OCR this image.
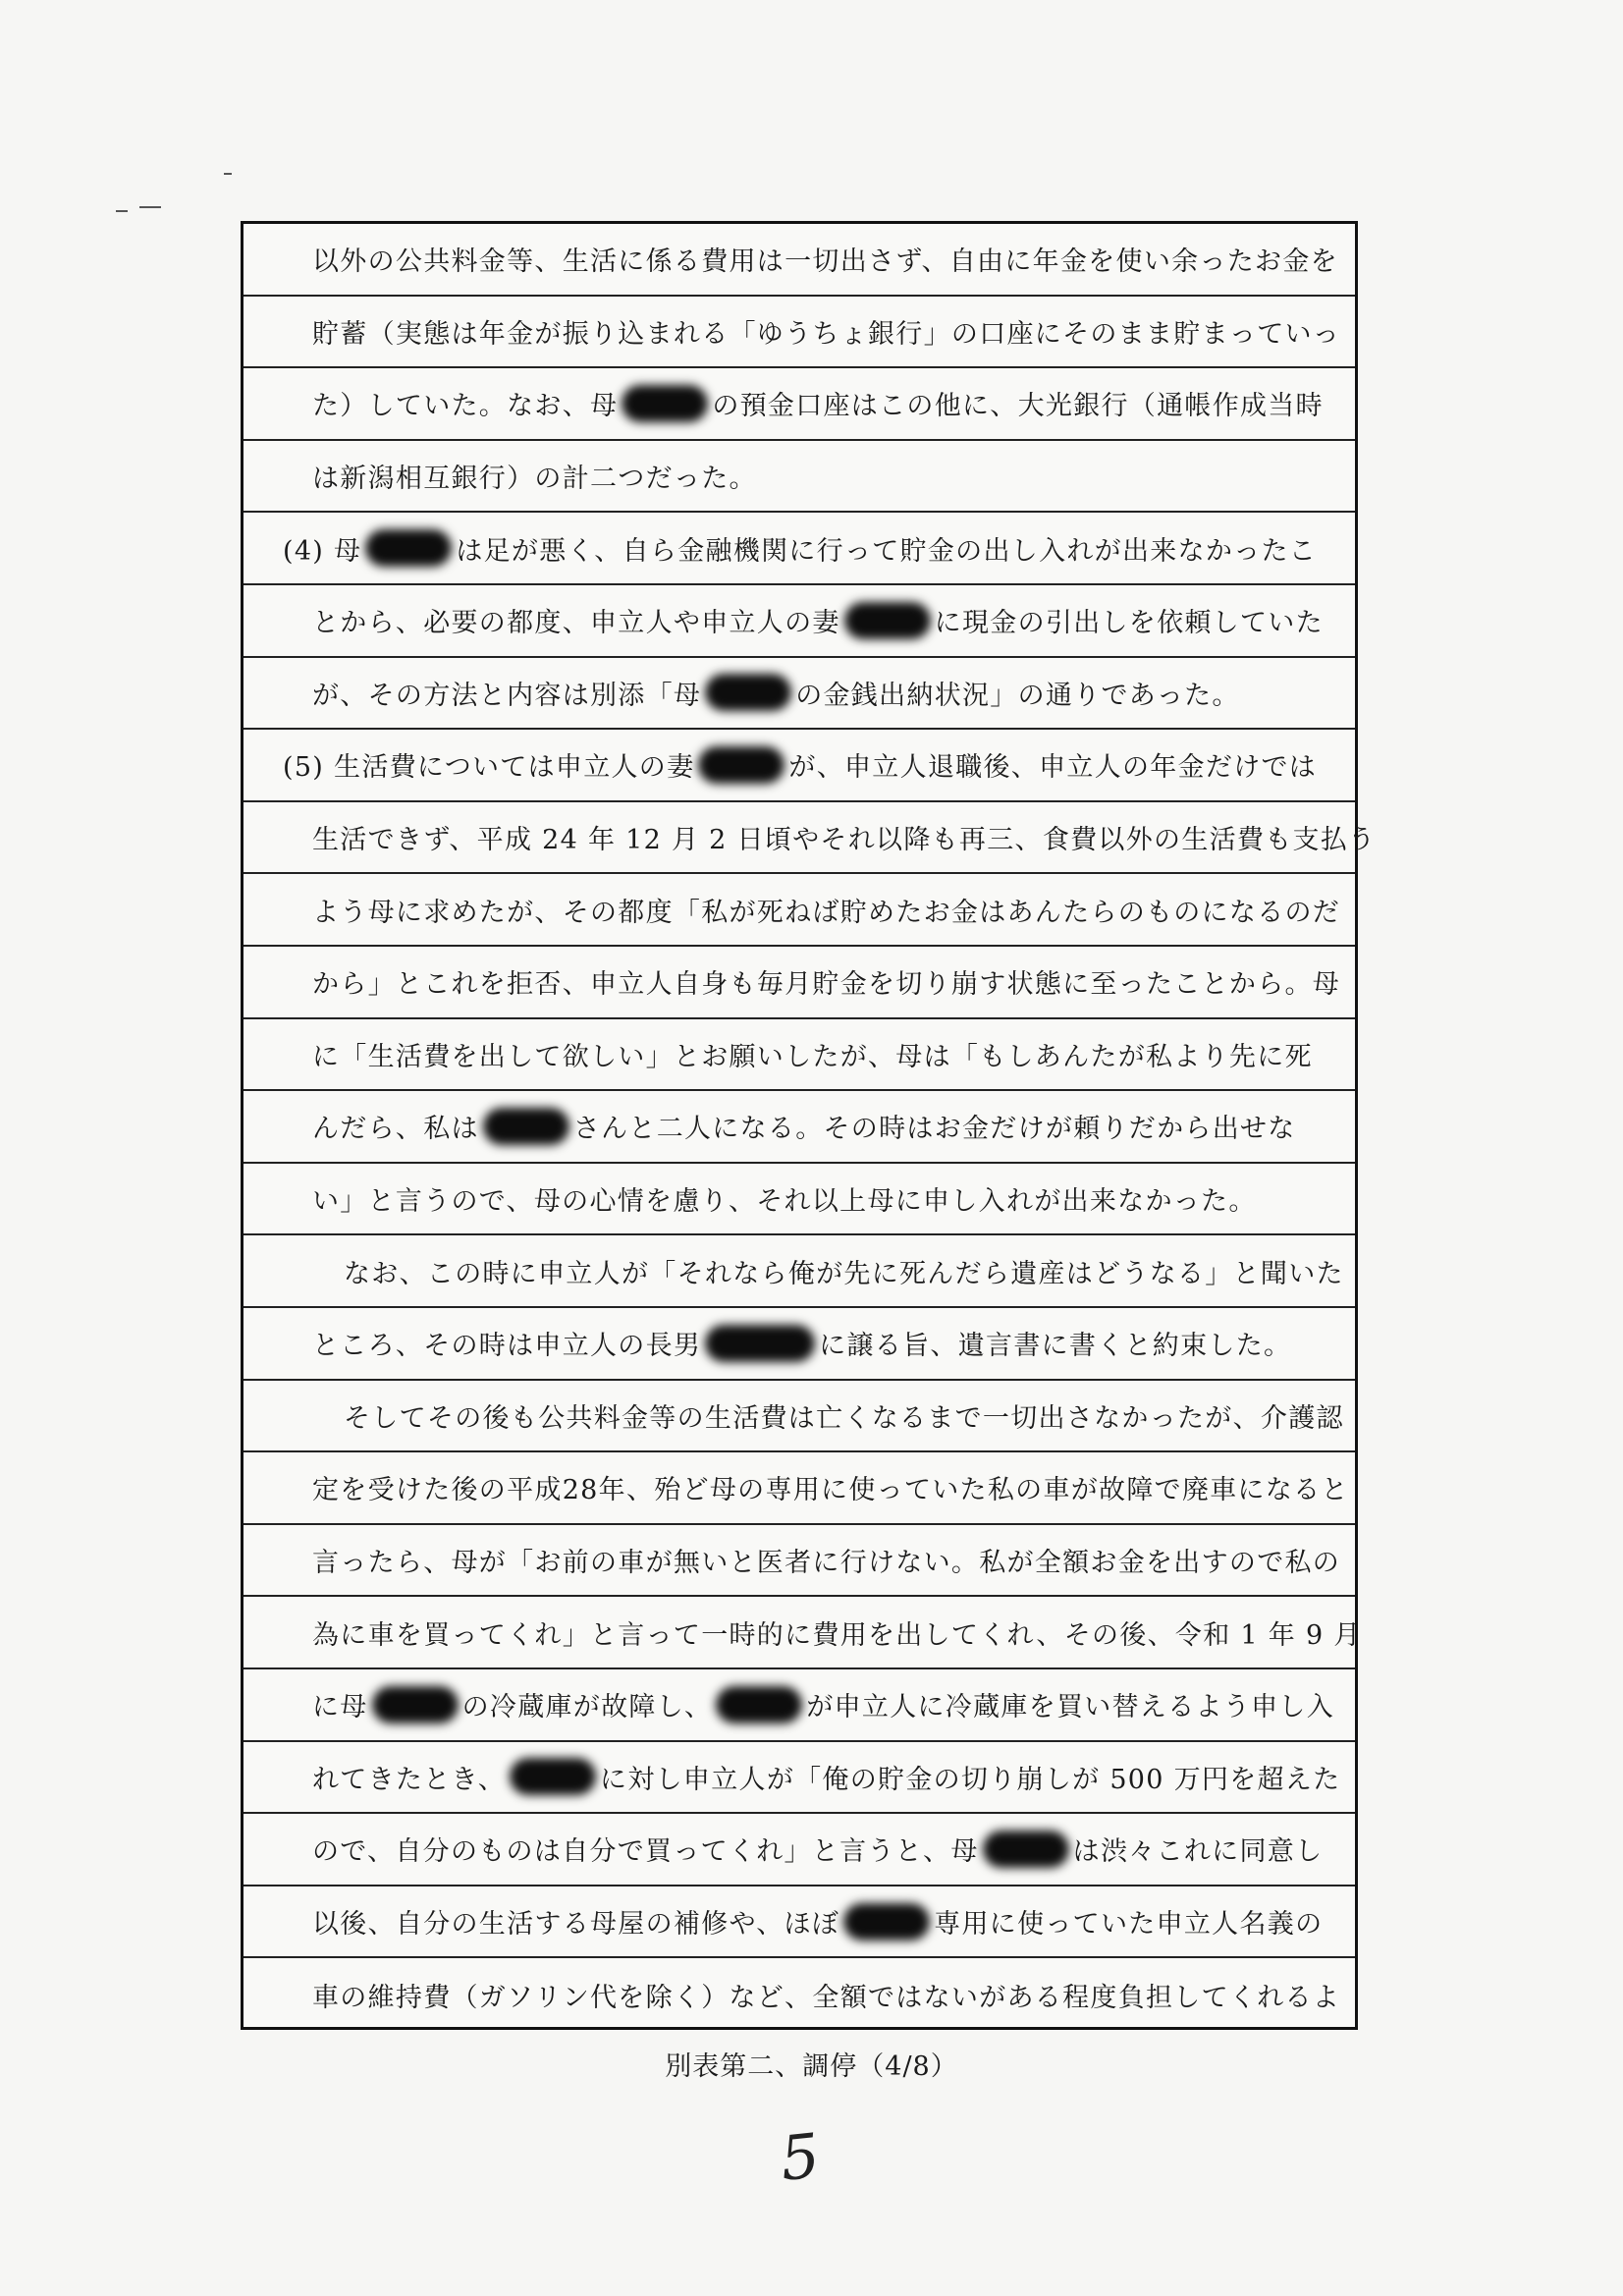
以外の公共料金等、生活に係る費用は一切出さず、自由に年金を使い余ったお金を
貯蓄（実態は年金が振り込まれる「ゆうちょ銀行」の口座にそのまま貯まっていっ
た）していた。なお、母	の預金口座はこの他に、大光銀行（通帳作成当時
は新潟相互銀行）の計二つだった。
(4) 母	は足が悪く、自ら金融機関に行って貯金の出し入れが出来なかったこ
とから、必要の都度、申立人や申立人の妻	に現金の引出しを依頼していた
が、その方法と内容は別添「母	の金銭出納状況」の通りであった。
(5) 生活費については申立人の妻	が、申立人退職後、申立人の年金だけでは
生活できず、平成 24 年 12 月 2 日頃やそれ以降も再三、食費以外の生活費も支払う
よう母に求めたが、その都度「私が死ねば貯めたお金はあんたらのものになるのだ
から」とこれを拒否、申立人自身も毎月貯金を切り崩す状態に至ったことから。母
に「生活費を出して欲しい」とお願いしたが、母は「もしあんたが私より先に死
んだら、私は	さんと二人になる。その時はお金だけが頼りだから出せな
い」と言うので、母の心情を慮り、それ以上母に申し入れが出来なかった。
なお、この時に申立人が「それなら俺が先に死んだら遺産はどうなる」と聞いた
ところ、その時は申立人の長男	に譲る旨、遺言書に書くと約束した。
そしてその後も公共料金等の生活費は亡くなるまで一切出さなかったが、介護認
定を受けた後の平成28年、殆ど母の専用に使っていた私の車が故障で廃車になると
言ったら、母が「お前の車が無いと医者に行けない。私が全額お金を出すので私の
為に車を買ってくれ」と言って一時的に費用を出してくれ、その後、令和 1 年 9 月
に母	の冷蔵庫が故障し、	が申立人に冷蔵庫を買い替えるよう申し入
れてきたとき、	に対し申立人が「俺の貯金の切り崩しが 500 万円を超えた
ので、自分のものは自分で買ってくれ」と言うと、母	は渋々これに同意し
以後、自分の生活する母屋の補修や、ほぼ	専用に使っていた申立人名義の
車の維持費（ガソリン代を除く）など、全額ではないがある程度負担してくれるよ
別表第二、調停（4/8）
5
